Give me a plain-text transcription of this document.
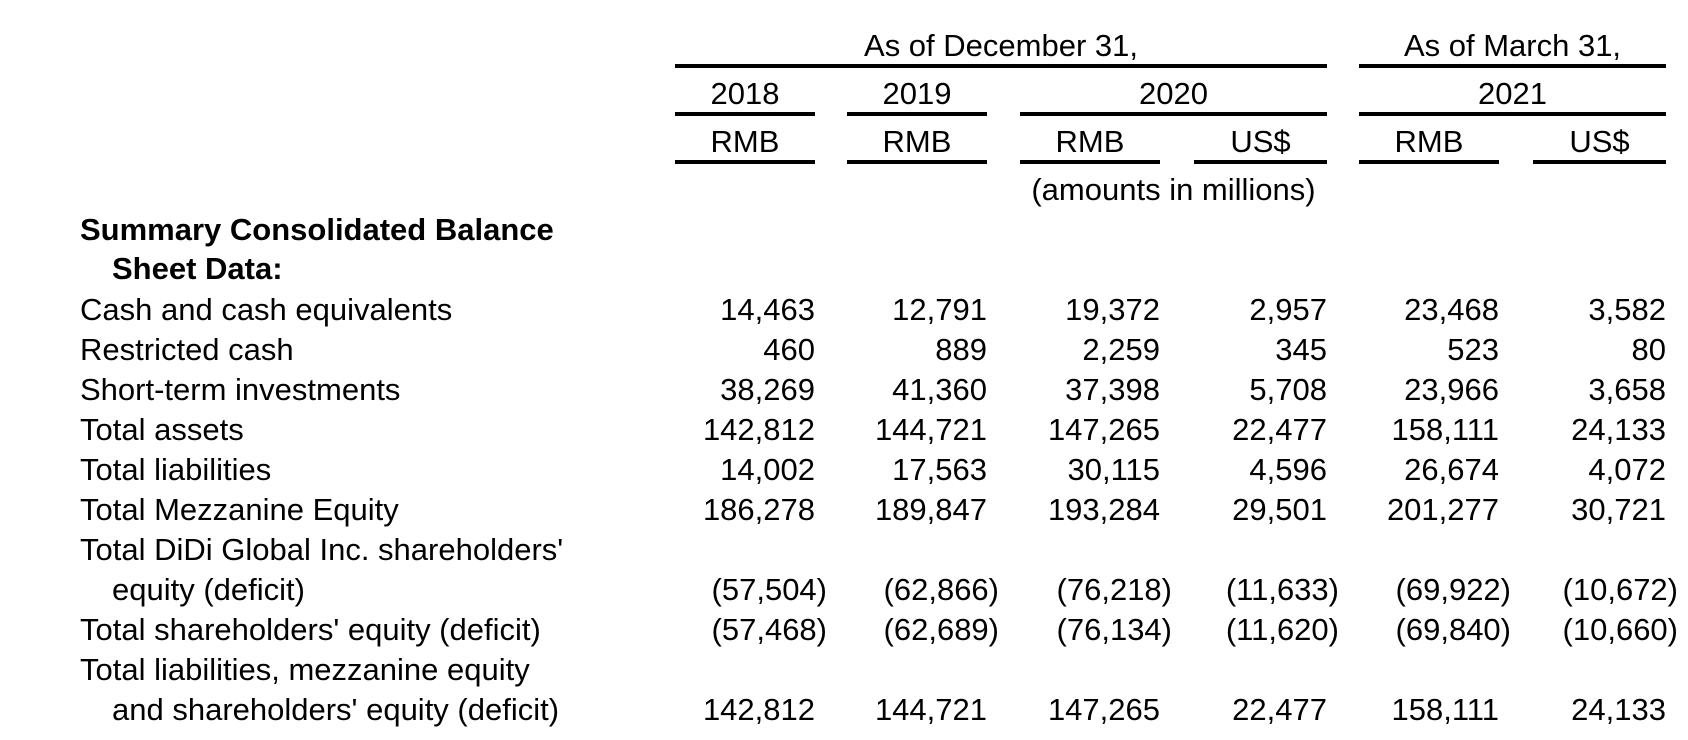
As of December 31,	As of March 31,
2018	2019	2020	2021
RMB	RMB	RMB	US$	RMB	US$
(amounts in millions)
Summary Consolidated Balance
Sheet Data:
Cash and cash equivalents	14,463 12,791	19,372	2,957 23,468	3,582
Restricted cash	460	889	2,259	345	523	80
Short-term investments	38,269 41,360	37,398	5,708 23,966	3,658
Total assets	142,812 144,721 147,265 22,477 158,111 24,133
Total liabilities	14,002 17,563	30,115	4,596 26,674	4,072
Total Mezzanine Equity	186,278 189,847 193,284 29,501 201,277 30,721
Total DiDi Global Inc. shareholders'
equity (deficit)	(57,504) (62,866) (76,218) (11,633) (69,922) (10,672)
Total shareholders' equity (deficit)	(57,468) (62,689) (76,134) (11,620) (69,840) (10,660)
Total liabilities, mezzanine equity
and shareholders' equity (deficit)	142,812 144,721 147,265 22,477 158,111 24,133
